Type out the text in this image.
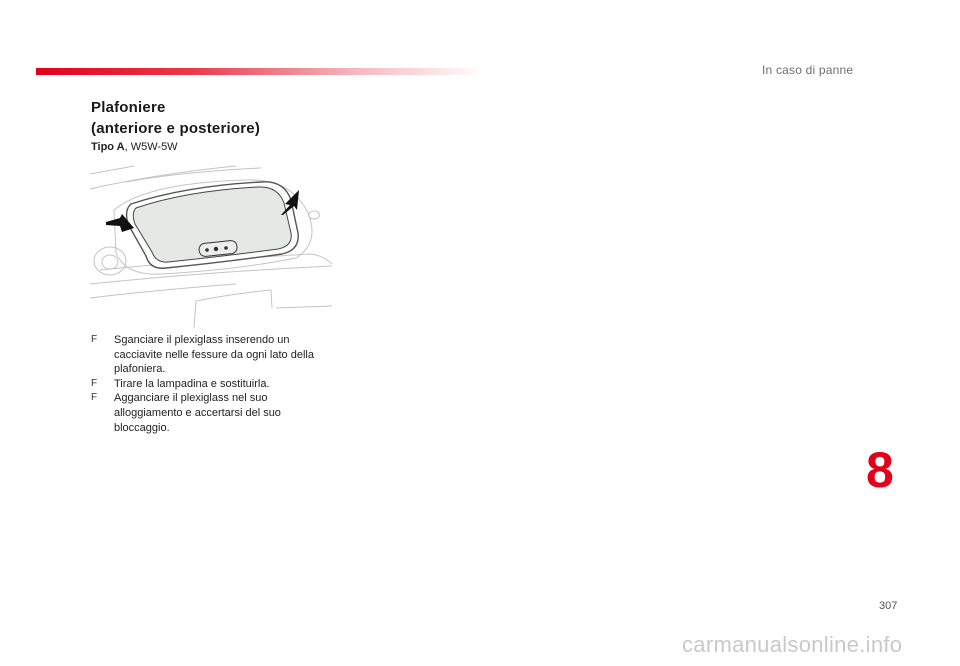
In caso di panne
Plafoniere
(anteriore e posteriore)
Tipo A, W5W-5W
F Sganciare il plexiglass inserendo un cacciavite nelle fessure da ogni lato della plafoniera.
F Tirare la lampadina e sostituirla.
F Agganciare il plexiglass nel suo alloggiamento e accertarsi del suo bloccaggio.
8
307
carmanualsonline.info
